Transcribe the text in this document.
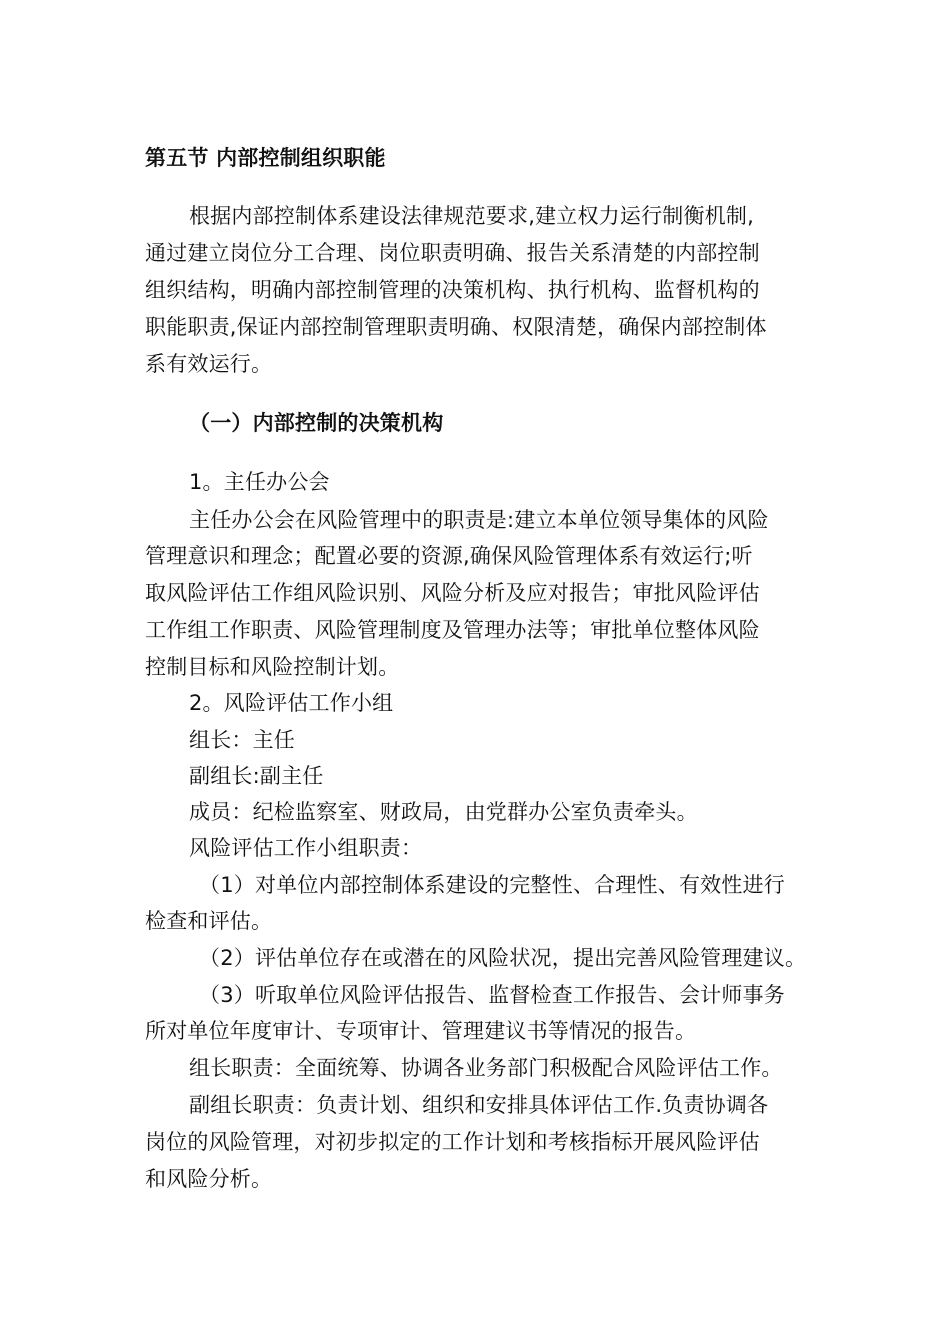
第五节 内部控制组织职能
根据内部控制体系建设法律规范要求,建立权力运行制衡机制,
通过建立岗位分工合理、岗位职责明确、报告关系清楚的内部控制
组织结构，明确内部控制管理的决策机构、执行机构、监督机构的
职能职责,保证内部控制管理职责明确、权限清楚，确保内部控制体
系有效运行。
（一）内部控制的决策机构
1。主任办公会
主任办公会在风险管理中的职责是:建立本单位领导集体的风险
管理意识和理念；配置必要的资源,确保风险管理体系有效运行;听
取风险评估工作组风险识别、风险分析及应对报告；审批风险评估
工作组工作职责、风险管理制度及管理办法等；审批单位整体风险
控制目标和风险控制计划。
2。风险评估工作小组
组长：主任
副组长:副主任
成员：纪检监察室、财政局，由党群办公室负责牵头。
风险评估工作小组职责：
（1）对单位内部控制体系建设的完整性、合理性、有效性进行
检查和评估。
（2）评估单位存在或潜在的风险状况，提出完善风险管理建议。
（3）听取单位风险评估报告、监督检查工作报告、会计师事务
所对单位年度审计、专项审计、管理建议书等情况的报告。
组长职责：全面统筹、协调各业务部门积极配合风险评估工作。
副组长职责：负责计划、组织和安排具体评估工作.负责协调各
岗位的风险管理，对初步拟定的工作计划和考核指标开展风险评估
和风险分析。
